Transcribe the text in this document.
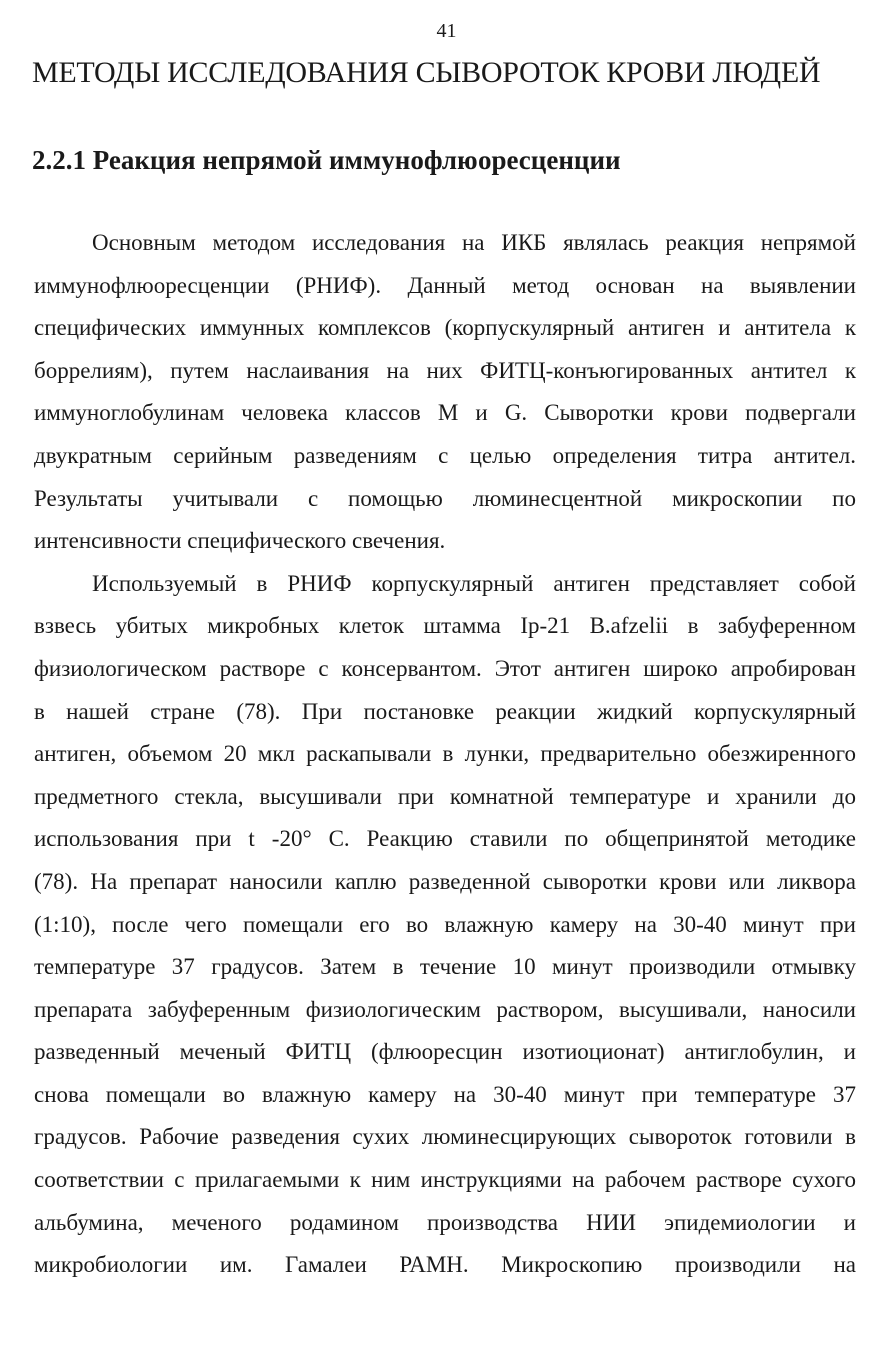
41
МЕТОДЫ ИССЛЕДОВАНИЯ СЫВОРОТОК КРОВИ ЛЮДЕЙ
2.2.1 Реакция непрямой иммунофлюоресценции
Основным методом исследования на ИКБ являлась реакция непрямой
иммунофлюоресценции (РНИФ). Данный метод основан на выявлении
специфических иммунных комплексов (корпускулярный антиген и антитела к
боррелиям), путем наслаивания на них ФИТЦ-конъюгированных антител к
иммуноглобулинам человека классов M и G. Сыворотки крови подвергали
двукратным серийным разведениям с целью определения титра антител.
Результаты учитывали с помощью люминесцентной микроскопии по
интенсивности специфического свечения.
Используемый в РНИФ корпускулярный антиген представляет собой
взвесь убитых микробных клеток штамма Ip-21 B.afzelii в забуференном
физиологическом растворе с консервантом. Этот антиген широко апробирован
в нашей стране (78). При постановке реакции жидкий корпускулярный
антиген, объемом 20 мкл раскапывали в лунки, предварительно обезжиренного
предметного стекла, высушивали при комнатной температуре и хранили до
использования при t -20° C. Реакцию ставили по общепринятой методике
(78). На препарат наносили каплю разведенной сыворотки крови или ликвора
(1:10), после чего помещали его во влажную камеру на 30-40 минут при
температуре 37 градусов. Затем в течение 10 минут производили отмывку
препарата забуференным физиологическим раствором, высушивали, наносили
разведенный меченый ФИТЦ (флюоресцин изотиоционат) антиглобулин, и
снова помещали во влажную камеру на 30-40 минут при температуре 37
градусов. Рабочие разведения сухих люминесцирующих сывороток готовили в
соответствии с прилагаемыми к ним инструкциями на рабочем растворе сухого
альбумина, меченого родамином производства НИИ эпидемиологии и
микробиологии им. Гамалеи РАМН. Микроскопию производили на
